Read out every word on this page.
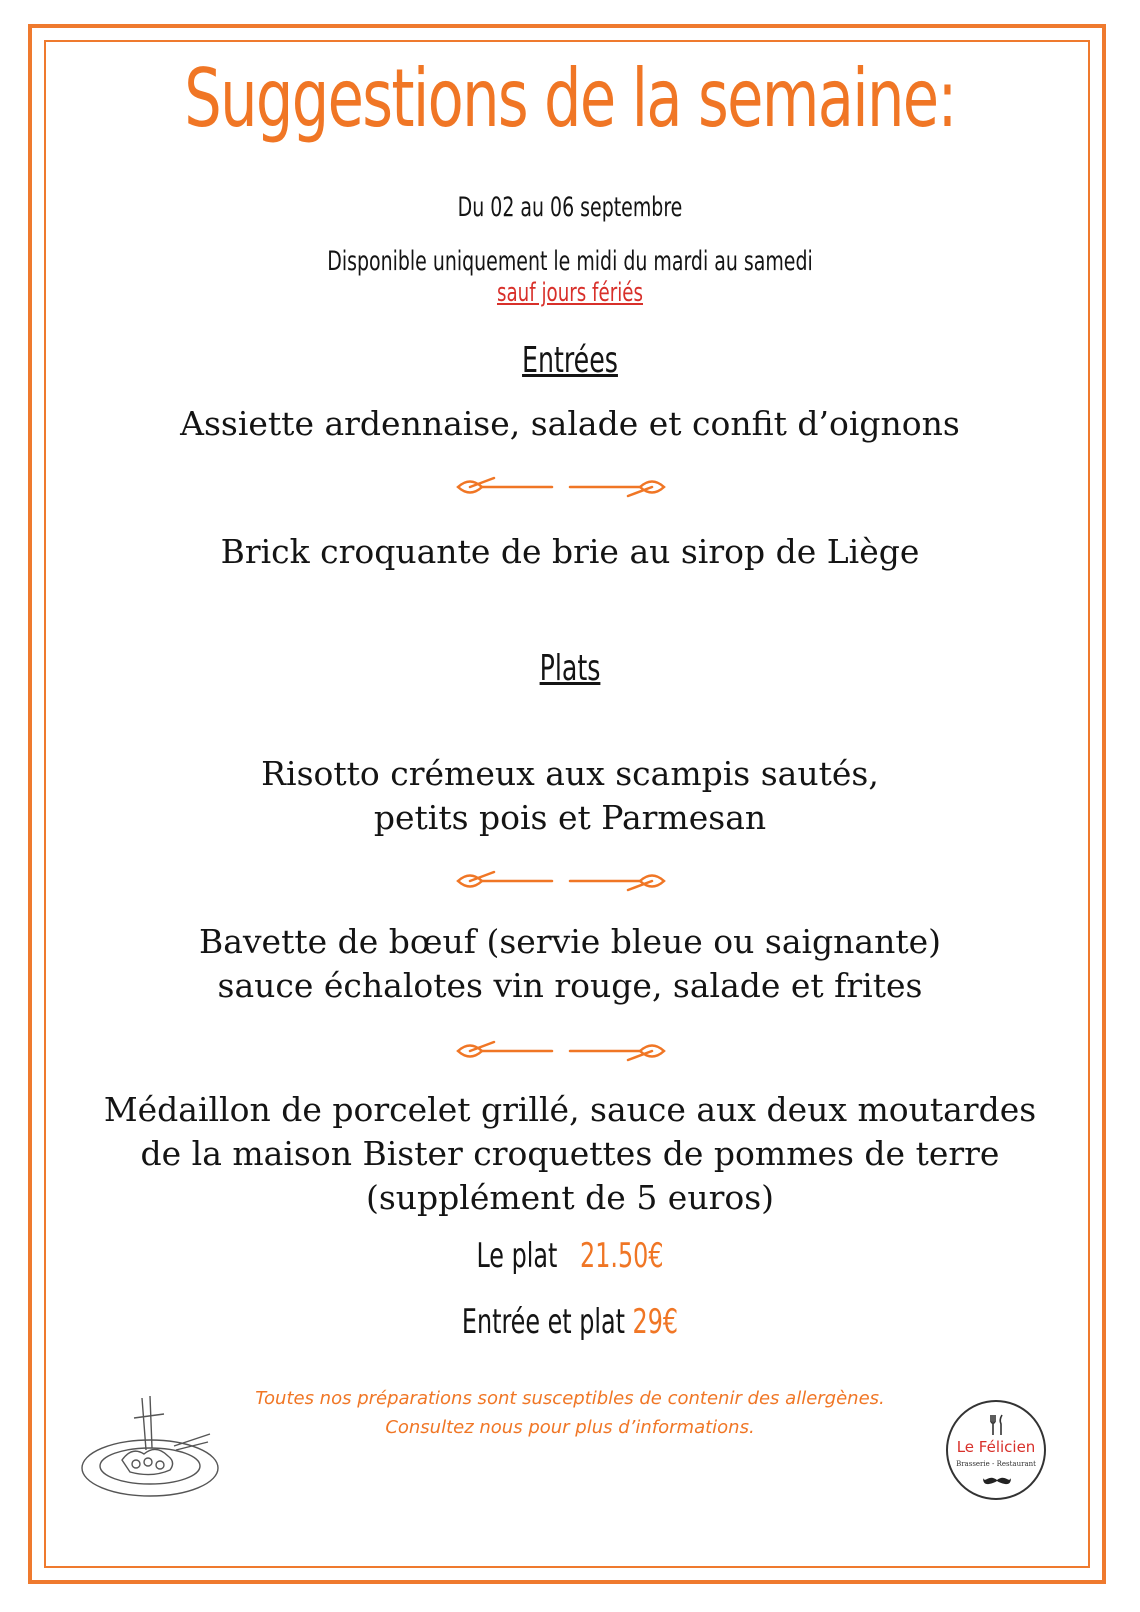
Suggestions de la semaine:
Du 02 au 06 septembre
Disponible uniquement le midi du mardi au samedi
sauf jours fériés
Entrées
Assiette ardennaise, salade et confit d’oignons
Brick croquante de brie au sirop de Liège
Plats
Risotto crémeux aux scampis sautés,
petits pois et Parmesan
Bavette de bœuf (servie bleue ou saignante)
sauce échalotes vin rouge, salade et frites
Médaillon de porcelet grillé, sauce aux deux moutardes
de la maison Bister croquettes de pommes de terre
(supplément de 5 euros)
Le plat 21.50€
Entrée et plat 29€
Toutes nos préparations sont susceptibles de contenir des allergènes.
Consultez nous pour plus d’informations.
Le Félicien
Brasserie - Restaurant
